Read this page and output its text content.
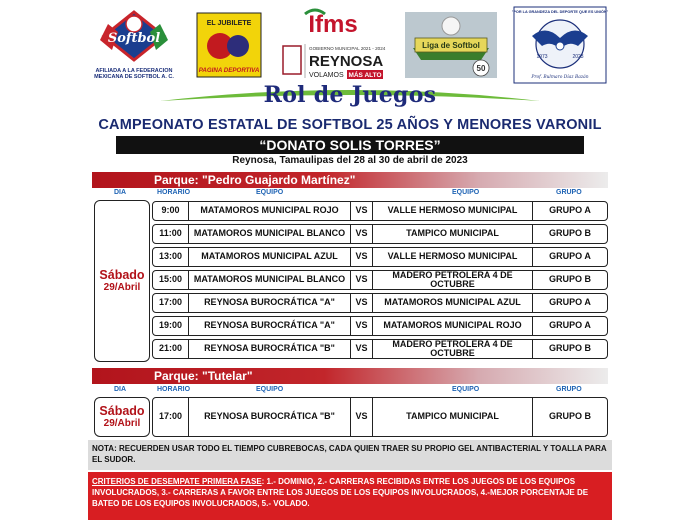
Softbol
AFILIADA A LA FEDERACION MEXICANA DE SOFTBOL A. C.
EL JUBILETE
PAGINA DEPORTIVA
Ifms
GOBIERNO MUNICIPAL 2021 - 2024
REYNOSA
VOLAMOS MÁS ALTO
Liga de Softbol
50
"POR LA GRANDEZA DEL DEPORTE QUE ES UNIÓN"
1973	2023
Prof. Bulmaro Díaz Bazán
Rol de Juegos
CAMPEONATO ESTATAL DE SOFTBOL 25 AÑOS Y MENORES VARONIL
“DONATO SOLIS TORRES”
Reynosa, Tamaulipas del 28 al 30 de abril de 2023
Parque: "Pedro Guajardo Martínez"
DIA	HORARIO	EQUIPO	EQUIPO	GRUPO
Sábado
29/Abril
9:00	MATAMOROS MUNICIPAL ROJO	VS	VALLE HERMOSO MUNICIPAL	GRUPO A
11:00	MATAMOROS MUNICIPAL BLANCO	VS	TAMPICO MUNICIPAL	GRUPO B
13:00	MATAMOROS MUNICIPAL AZUL	VS	VALLE HERMOSO MUNICIPAL	GRUPO A
15:00	MATAMOROS MUNICIPAL BLANCO	VS	MADERO PETROLERA 4 DE OCTUBRE	GRUPO B
17:00	REYNOSA BUROCRÁTICA "A"	VS	MATAMOROS MUNICIPAL AZUL	GRUPO A
19:00	REYNOSA BUROCRÁTICA "A"	VS	MATAMOROS MUNICIPAL ROJO	GRUPO A
21:00	REYNOSA BUROCRÁTICA "B"	VS	MADERO PETROLERA 4 DE OCTUBRE	GRUPO B
Parque: "Tutelar"
DIA	HORARIO	EQUIPO	EQUIPO	GRUPO
Sábado
29/Abril
17:00	REYNOSA BUROCRÁTICA "B"	VS	TAMPICO MUNICIPAL	GRUPO B
NOTA: RECUERDEN USAR TODO EL TIEMPO CUBREBOCAS, CADA QUIEN TRAER SU PROPIO GEL ANTIBACTERIAL Y TOALLA PARA EL SUDOR.
CRITERIOS DE DESEMPATE PRIMERA FASE: 1.- DOMINIO, 2.- CARRERAS RECIBIDAS ENTRE LOS JUEGOS DE LOS EQUIPOS INVOLUCRADOS, 3.- CARRERAS A FAVOR ENTRE LOS JUEGOS DE LOS EQUIPOS INVOLUCRADOS, 4.-MEJOR PORCENTAJE DE BATEO DE LOS EQUIPOS INVOLUCRADOS, 5.- VOLADO.
